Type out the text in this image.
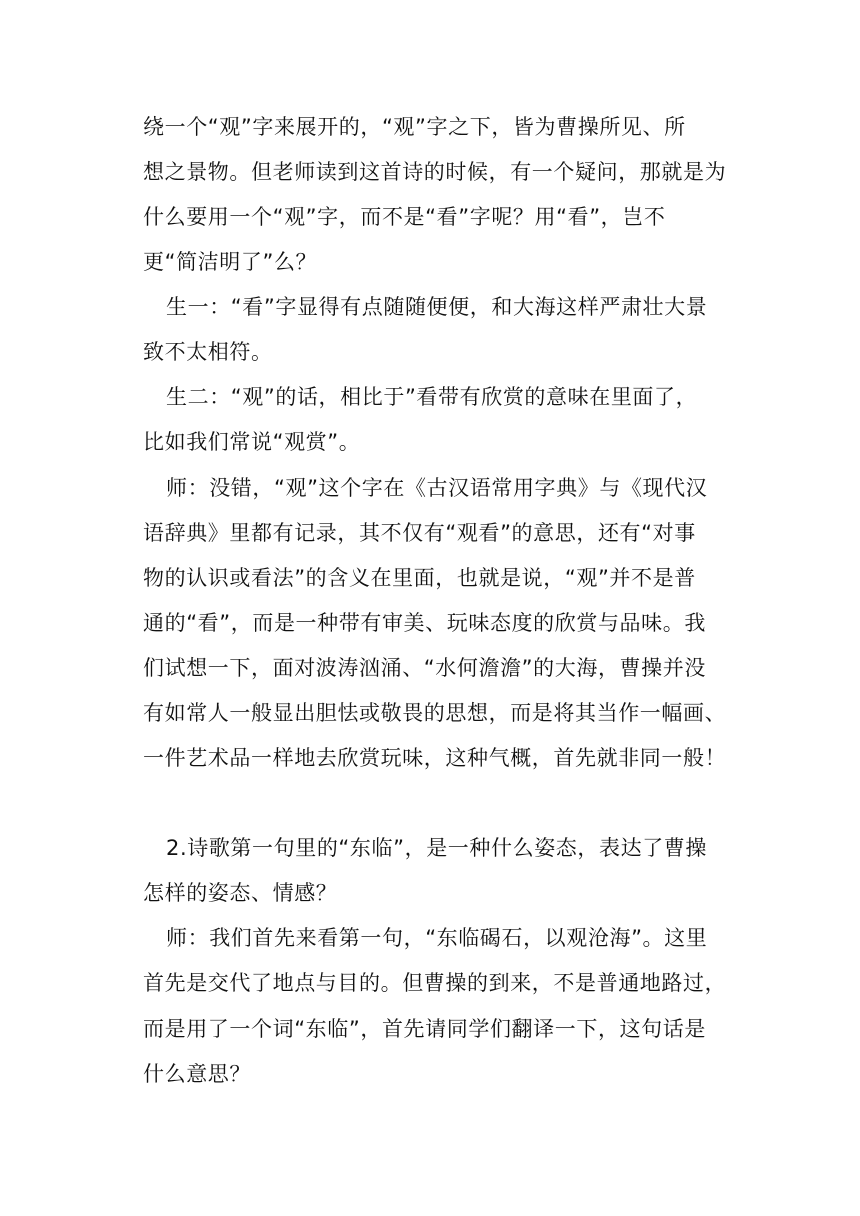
绕一个“观”字来展开的，“观”字之下，皆为曹操所见、所
想之景物。但老师读到这首诗的时候，有一个疑问，那就是为
什么要用一个“观”字，而不是“看”字呢？用“看”，岂不
更“简洁明了”么？
生一：“看”字显得有点随随便便，和大海这样严肃壮大景
致不太相符。
生二：“观”的话，相比于”看带有欣赏的意味在里面了，
比如我们常说“观赏”。
师：没错，“观”这个字在《古汉语常用字典》与《现代汉
语辞典》里都有记录，其不仅有“观看”的意思，还有“对事
物的认识或看法”的含义在里面，也就是说，“观”并不是普
通的“看”，而是一种带有审美、玩味态度的欣赏与品味。我
们试想一下，面对波涛汹涌、“水何澹澹”的大海，曹操并没
有如常人一般显出胆怯或敬畏的思想，而是将其当作一幅画、
一件艺术品一样地去欣赏玩味，这种气概，首先就非同一般！
2.诗歌第一句里的“东临”，是一种什么姿态，表达了曹操
怎样的姿态、情感？
师：我们首先来看第一句，“东临碣石，以观沧海”。这里
首先是交代了地点与目的。但曹操的到来，不是普通地路过，
而是用了一个词“东临”，首先请同学们翻译一下，这句话是
什么意思？
